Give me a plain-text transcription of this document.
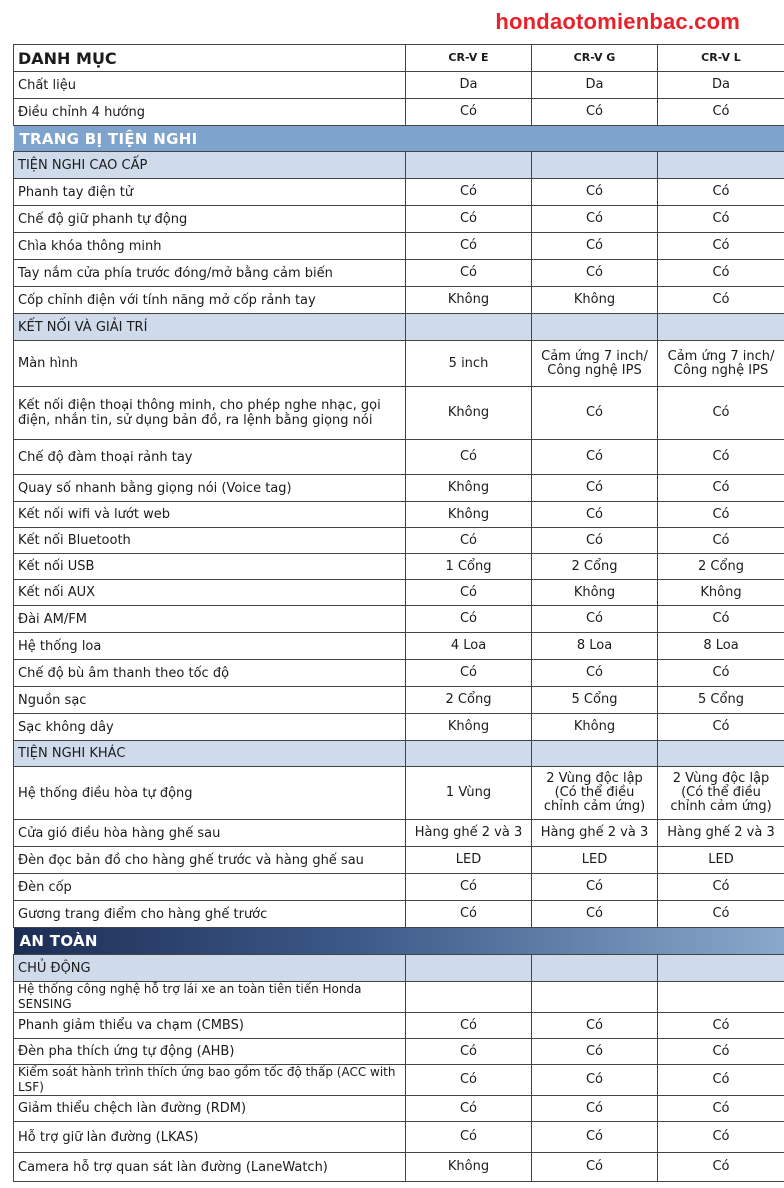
hondaotomienbac.com
DANH MỤC	CR-V E	CR-V G	CR-V L
Chất liệu	Da	Da	Da
Điều chỉnh 4 hướng	Có	Có	Có
TRANG BỊ TIỆN NGHI			
TIỆN NGHI CAO CẤP			
Phanh tay điện tử	Có	Có	Có
Chế độ giữ phanh tự động	Có	Có	Có
Chìa khóa thông minh	Có	Có	Có
Tay nắm cửa phía trước đóng/mở bằng cảm biến	Có	Có	Có
Cốp chỉnh điện với tính năng mở cốp rảnh tay	Không	Không	Có
KẾT NỐI VÀ GIẢI TRÍ			
Màn hình	5 inch	Cảm ứng 7 inch/ Công nghệ IPS	Cảm ứng 7 inch/ Công nghệ IPS
Kết nối điện thoại thông minh, cho phép nghe nhạc, gọi điện, nhắn tin, sử dụng bản đồ, ra lệnh bằng giọng nói	Không	Có	Có
Chế độ đàm thoại rảnh tay	Có	Có	Có
Quay số nhanh bằng giọng nói (Voice tag)	Không	Có	Có
Kết nối wifi và lướt web	Không	Có	Có
Kết nối Bluetooth	Có	Có	Có
Kết nối USB	1 Cổng	2 Cổng	2 Cổng
Kết nối AUX	Có	Không	Không
Đài AM/FM	Có	Có	Có
Hệ thống loa	4 Loa	8 Loa	8 Loa
Chế độ bù âm thanh theo tốc độ	Có	Có	Có
Nguồn sạc	2 Cổng	5 Cổng	5 Cổng
Sạc không dây	Không	Không	Có
TIỆN NGHI KHÁC			
Hệ thống điều hòa tự động	1 Vùng	2 Vùng độc lập (Có thể điều chỉnh cảm ứng)	2 Vùng độc lập (Có thể điều chỉnh cảm ứng)
Cửa gió điều hòa hàng ghế sau	Hàng ghế 2 và 3	Hàng ghế 2 và 3	Hàng ghế 2 và 3
Đèn đọc bản đồ cho hàng ghế trước và hàng ghế sau	LED	LED	LED
Đèn cốp	Có	Có	Có
Gương trang điểm cho hàng ghế trước	Có	Có	Có
AN TOÀN			
CHỦ ĐỘNG			
Hệ thống công nghệ hỗ trợ lái xe an toàn tiên tiến Honda SENSING			
Phanh giảm thiểu va chạm (CMBS)	Có	Có	Có
Đèn pha thích ứng tự động (AHB)	Có	Có	Có
Kiểm soát hành trình thích ứng bao gồm tốc độ thấp (ACC with LSF)	Có	Có	Có
Giảm thiểu chệch làn đường (RDM)	Có	Có	Có
Hỗ trợ giữ làn đường (LKAS)	Có	Có	Có
Camera hỗ trợ quan sát làn đường (LaneWatch)	Không	Có	Có
